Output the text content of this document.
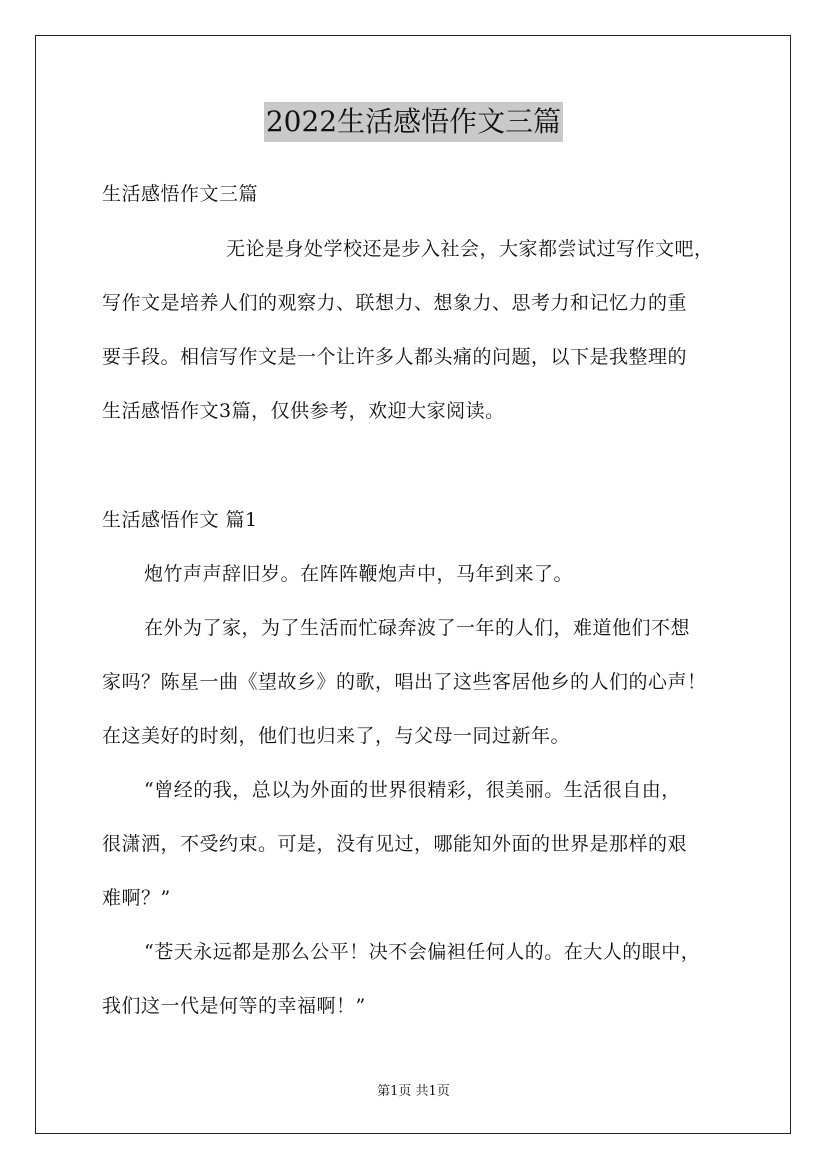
2022生活感悟作文三篇
生活感悟作文三篇
无论是身处学校还是步入社会，大家都尝试过写作文吧，
写作文是培养人们的观察力、联想力、想象力、思考力和记忆力的重
要手段。相信写作文是一个让许多人都头痛的问题，以下是我整理的
生活感悟作文3篇，仅供参考，欢迎大家阅读。
生活感悟作文 篇1
炮竹声声辞旧岁。在阵阵鞭炮声中，马年到来了。
在外为了家，为了生活而忙碌奔波了一年的人们，难道他们不想
家吗？陈星一曲《望故乡》的歌，唱出了这些客居他乡的人们的心声！
在这美好的时刻，他们也归来了，与父母一同过新年。
“曾经的我，总以为外面的世界很精彩，很美丽。生活很自由，
很潇洒，不受约束。可是，没有见过，哪能知外面的世界是那样的艰
难啊？”
“苍天永远都是那么公平！决不会偏袒任何人的。在大人的眼中，
我们这一代是何等的幸福啊！”
第1页 共1页
